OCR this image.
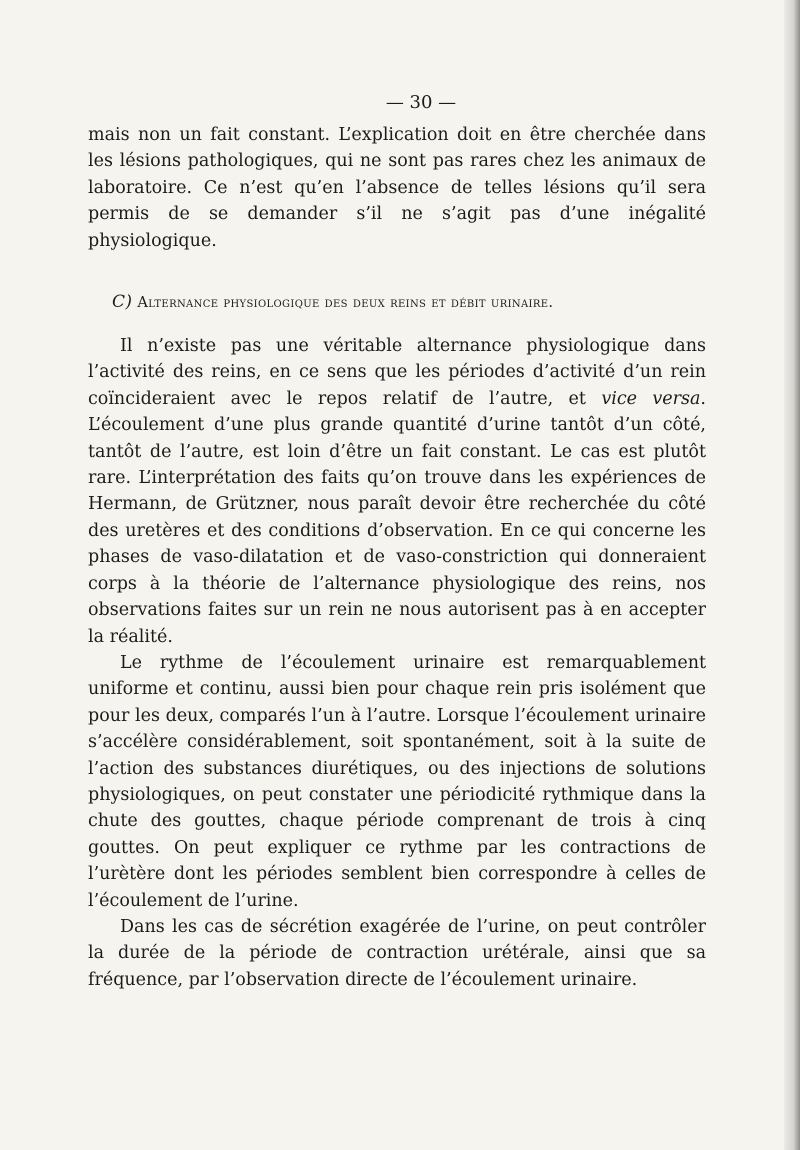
— 30 —

mais non un fait constant. L’explication doit en être cherchée dans les lésions pathologiques, qui ne sont pas rares chez les animaux de laboratoire. Ce n’est qu’en l’absence de telles lésions qu’il sera permis de se demander s’il ne s’agit pas d’une inégalité physiologique.

C) Alternance physiologique des deux reins et débit urinaire.

Il n’existe pas une véritable alternance physiologique dans l’activité des reins, en ce sens que les périodes d’activité d’un rein coïncideraient avec le repos relatif de l’autre, et vice versa. L’écoulement d’une plus grande quantité d’urine tantôt d’un côté, tantôt de l’autre, est loin d’être un fait constant. Le cas est plutôt rare. L’interprétation des faits qu’on trouve dans les expériences de Hermann, de Grützner, nous paraît devoir être recherchée du côté des uretères et des conditions d’observation. En ce qui concerne les phases de vaso-dilatation et de vaso-constriction qui donneraient corps à la théorie de l’alternance physiologique des reins, nos observations faites sur un rein ne nous autorisent pas à en accepter la réalité.

Le rythme de l’écoulement urinaire est remarquablement uniforme et continu, aussi bien pour chaque rein pris isolément que pour les deux, comparés l’un à l’autre. Lorsque l’écoulement urinaire s’accélère considérablement, soit spontanément, soit à la suite de l’action des substances diurétiques, ou des injections de solutions physiologiques, on peut constater une périodicité rythmique dans la chute des gouttes, chaque période comprenant de trois à cinq gouttes. On peut expliquer ce rythme par les contractions de l’urètère dont les périodes semblent bien correspondre à celles de l’écoulement de l’urine.

Dans les cas de sécrétion exagérée de l’urine, on peut contrôler la durée de la période de contraction urétérale, ainsi que sa fréquence, par l’observation directe de l’écoulement urinaire.
